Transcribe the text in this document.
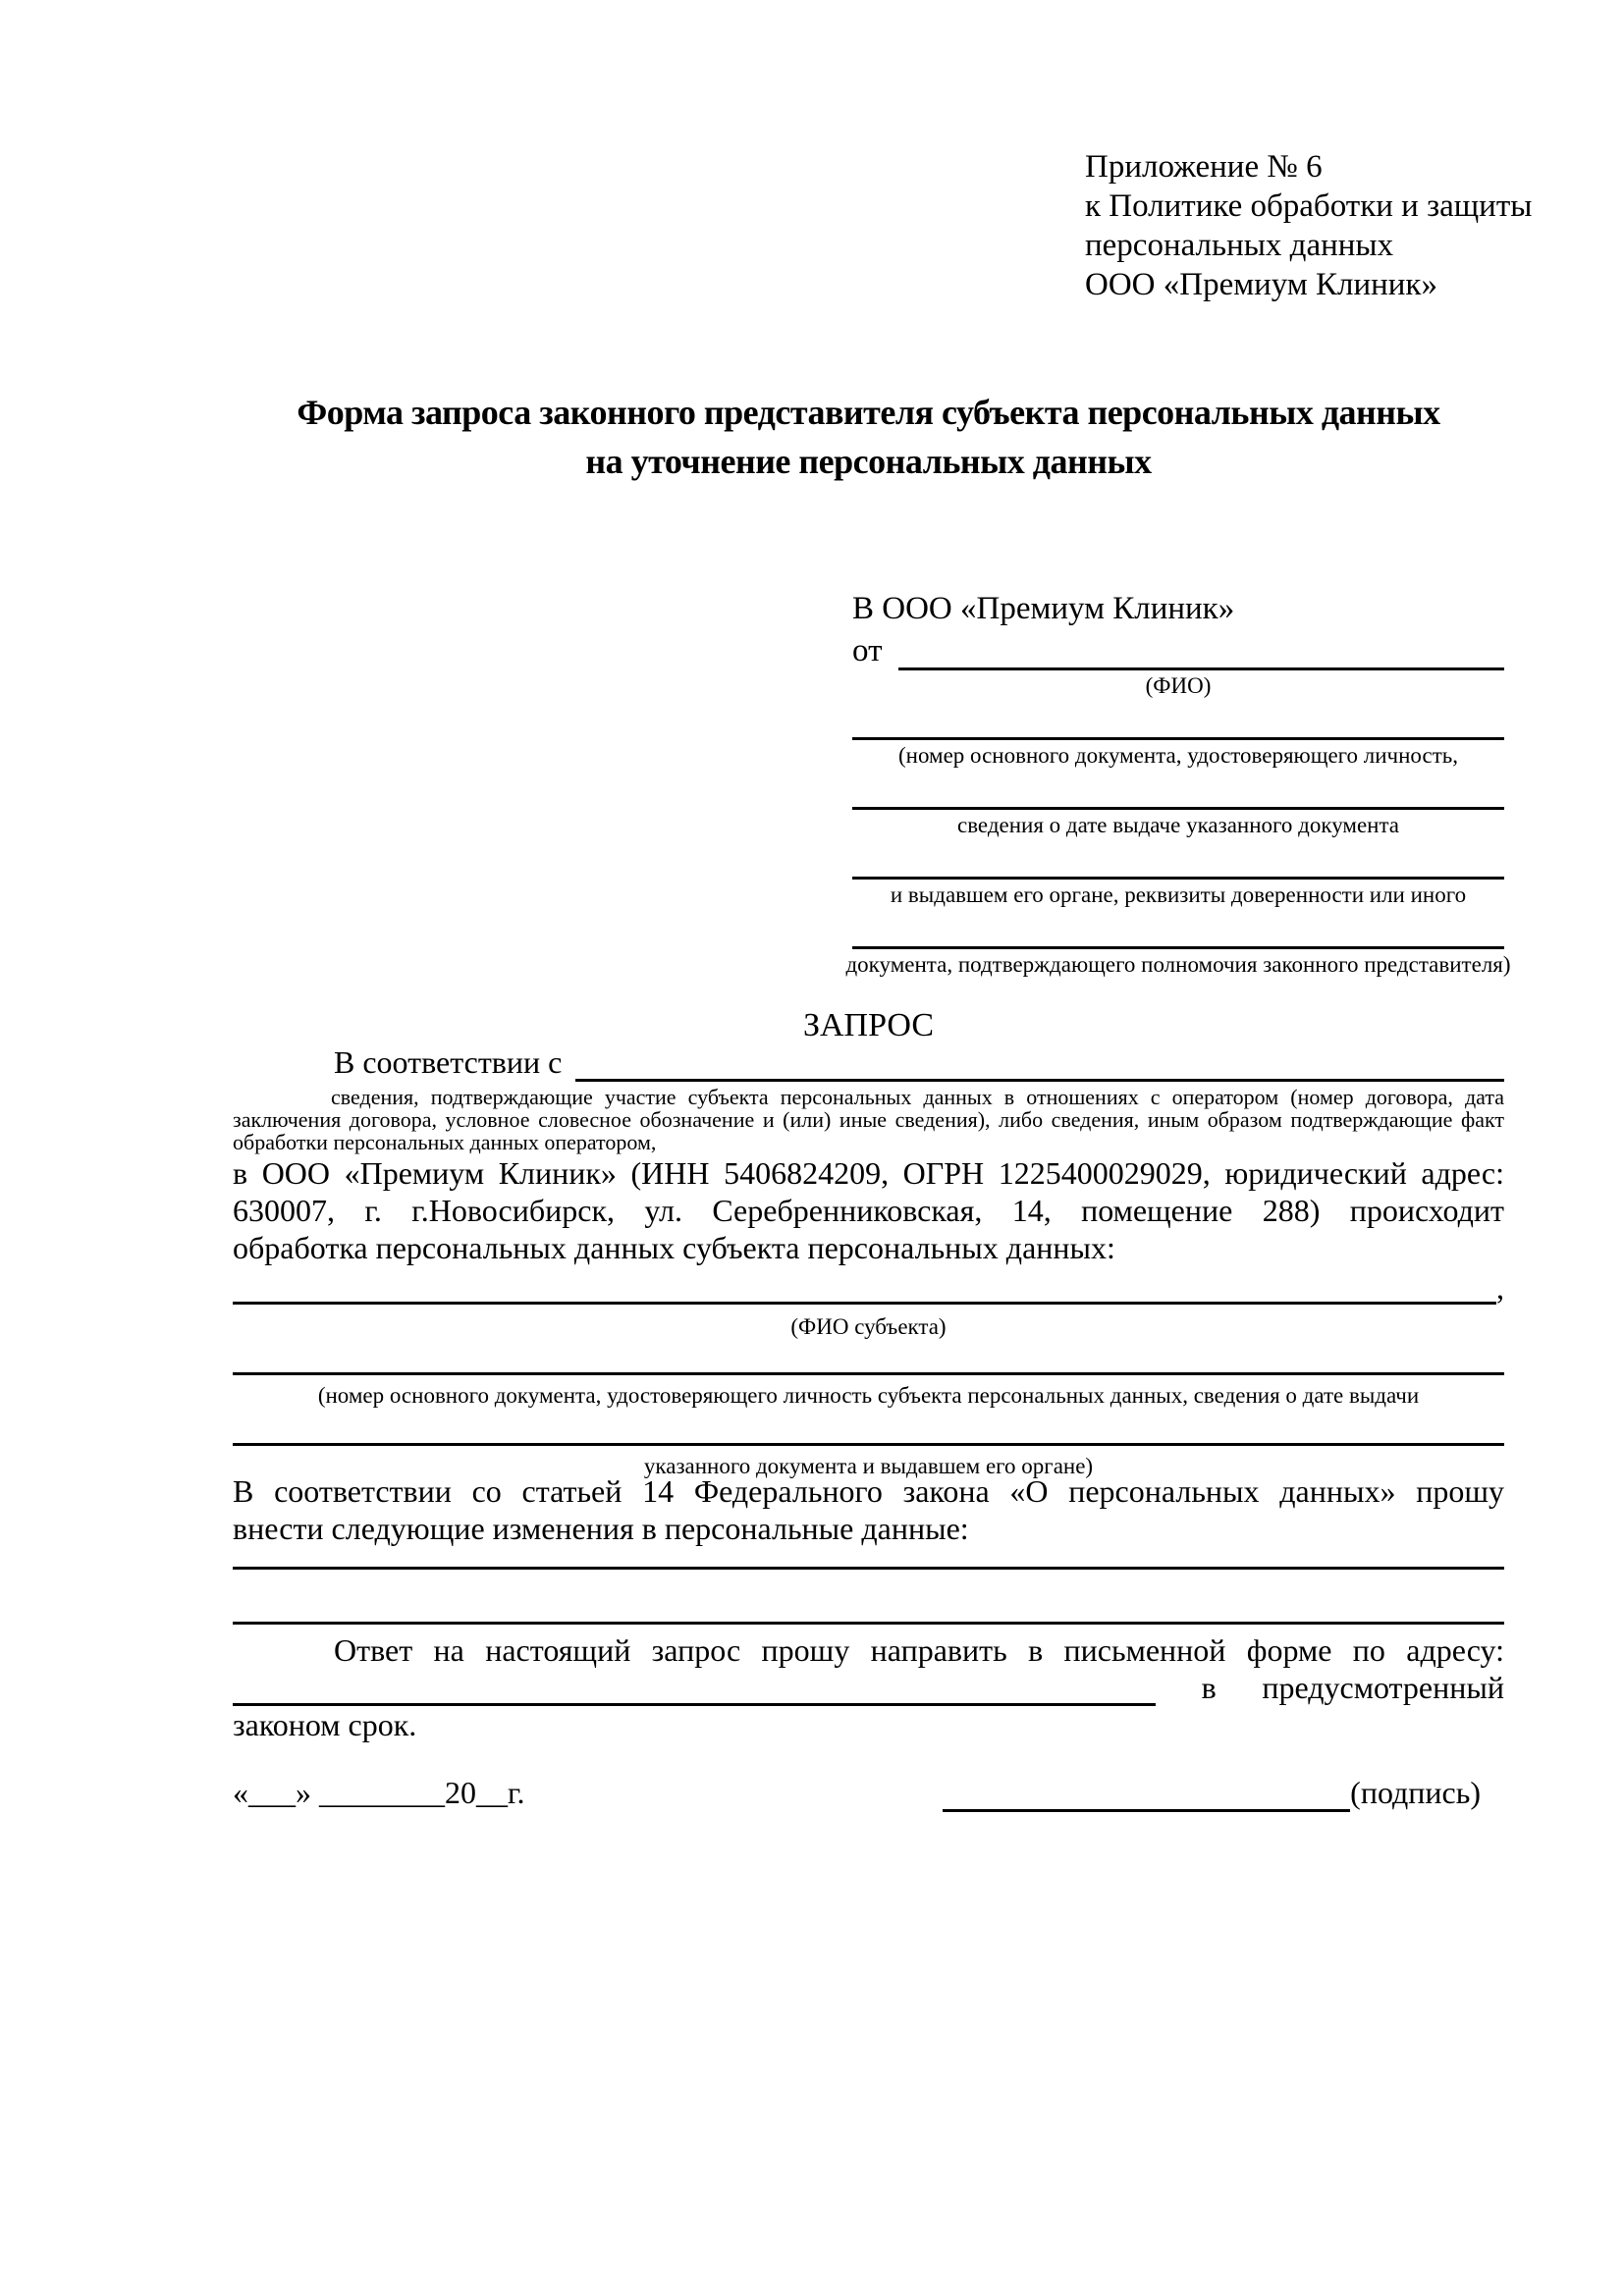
Приложение № 6
к Политике обработки и защиты
персональных данных
ООО «Премиум Клиник»
Форма запроса законного представителя субъекта персональных данных
на уточнение персональных данных
В ООО «Премиум Клиник»
от
(ФИО)
(номер основного документа, удостоверяющего личность,
сведения о дате выдаче указанного документа
и выдавшем его органе, реквизиты доверенности или иного
документа, подтверждающего полномочия законного представителя)
ЗАПРОС
В соответствии с
сведения, подтверждающие участие субъекта персональных данных в отношениях с оператором (номер договора, дата
заключения договора, условное словесное обозначение и (или) иные сведения), либо сведения, иным образом подтверждающие факт
обработки персональных данных оператором,
в ООО «Премиум Клиник» (ИНН 5406824209, ОГРН 1225400029029, юридический адрес:
630007, г. г.Новосибирск, ул. Серебренниковская, 14, помещение 288) происходит
обработка персональных данных субъекта персональных данных:
,
(ФИО субъекта)
(номер основного документа, удостоверяющего личность субъекта персональных данных, сведения о дате выдачи
указанного документа и выдавшем его органе)
В соответствии со статьей 14 Федерального закона «О персональных данных» прошу
внести следующие изменения в персональные данные:
Ответ на настоящий запрос прошу направить в письменной форме по адресу:
в	предусмотренный
законом срок.
«___» ________20__г.	(подпись)
